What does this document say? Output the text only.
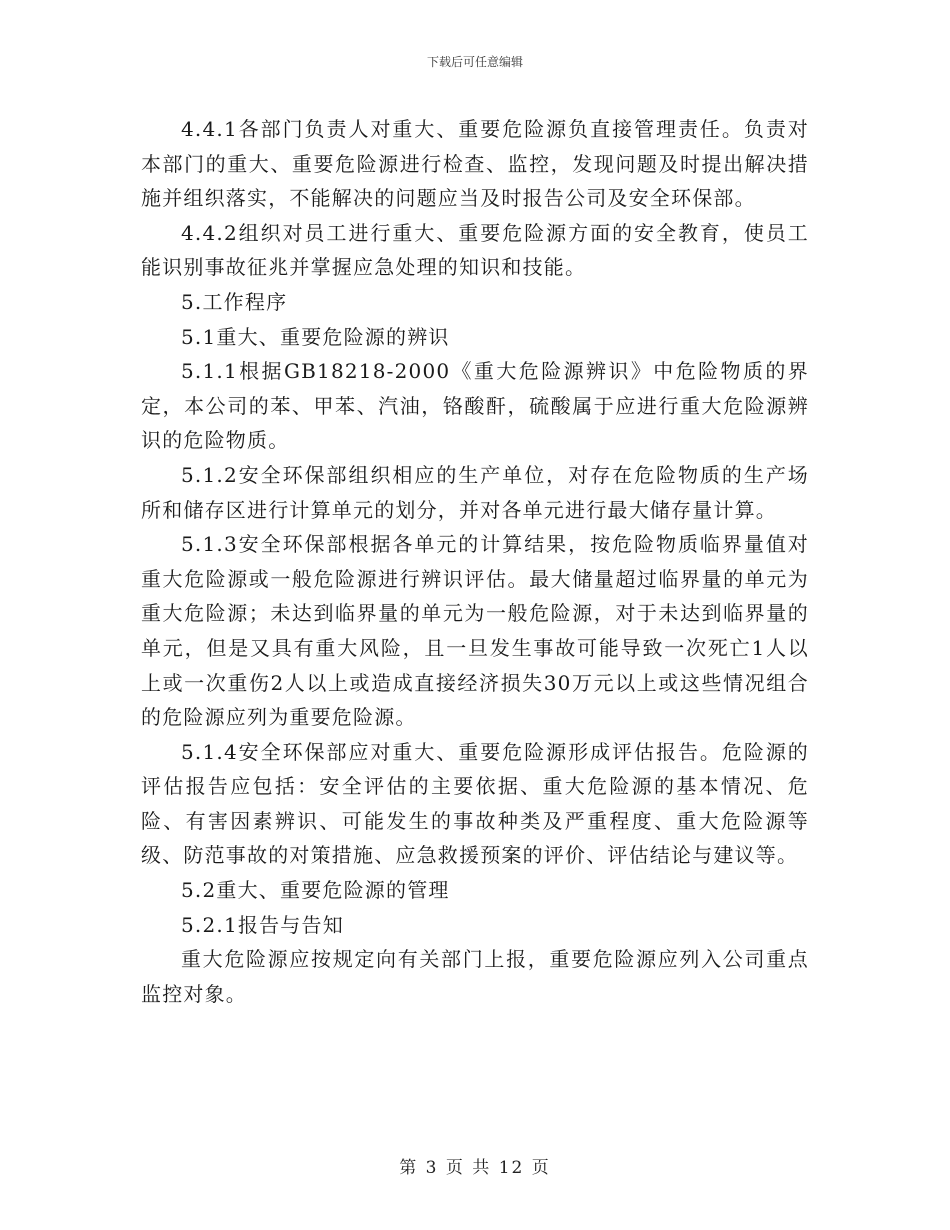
下载后可任意编辑

4.4.1各部门负责人对重大、重要危险源负直接管理责任。负责对本部门的重大、重要危险源进行检查、监控，发现问题及时提出解决措施并组织落实，不能解决的问题应当及时报告公司及安全环保部。

4.4.2组织对员工进行重大、重要危险源方面的安全教育，使员工能识别事故征兆并掌握应急处理的知识和技能。

5.工作程序

5.1重大、重要危险源的辨识

5.1.1根据GB18218-2000《重大危险源辨识》中危险物质的界定，本公司的苯、甲苯、汽油，铬酸酐，硫酸属于应进行重大危险源辨识的危险物质。

5.1.2安全环保部组织相应的生产单位，对存在危险物质的生产场所和储存区进行计算单元的划分，并对各单元进行最大储存量计算。

5.1.3安全环保部根据各单元的计算结果，按危险物质临界量值对重大危险源或一般危险源进行辨识评估。最大储量超过临界量的单元为重大危险源；未达到临界量的单元为一般危险源，对于未达到临界量的单元，但是又具有重大风险，且一旦发生事故可能导致一次死亡1人以上或一次重伤2人以上或造成直接经济损失30万元以上或这些情况组合的危险源应列为重要危险源。

5.1.4安全环保部应对重大、重要危险源形成评估报告。危险源的评估报告应包括：安全评估的主要依据、重大危险源的基本情况、危险、有害因素辨识、可能发生的事故种类及严重程度、重大危险源等级、防范事故的对策措施、应急救援预案的评价、评估结论与建议等。

5.2重大、重要危险源的管理

5.2.1报告与告知

重大危险源应按规定向有关部门上报，重要危险源应列入公司重点监控对象。

第 3 页 共 12 页
